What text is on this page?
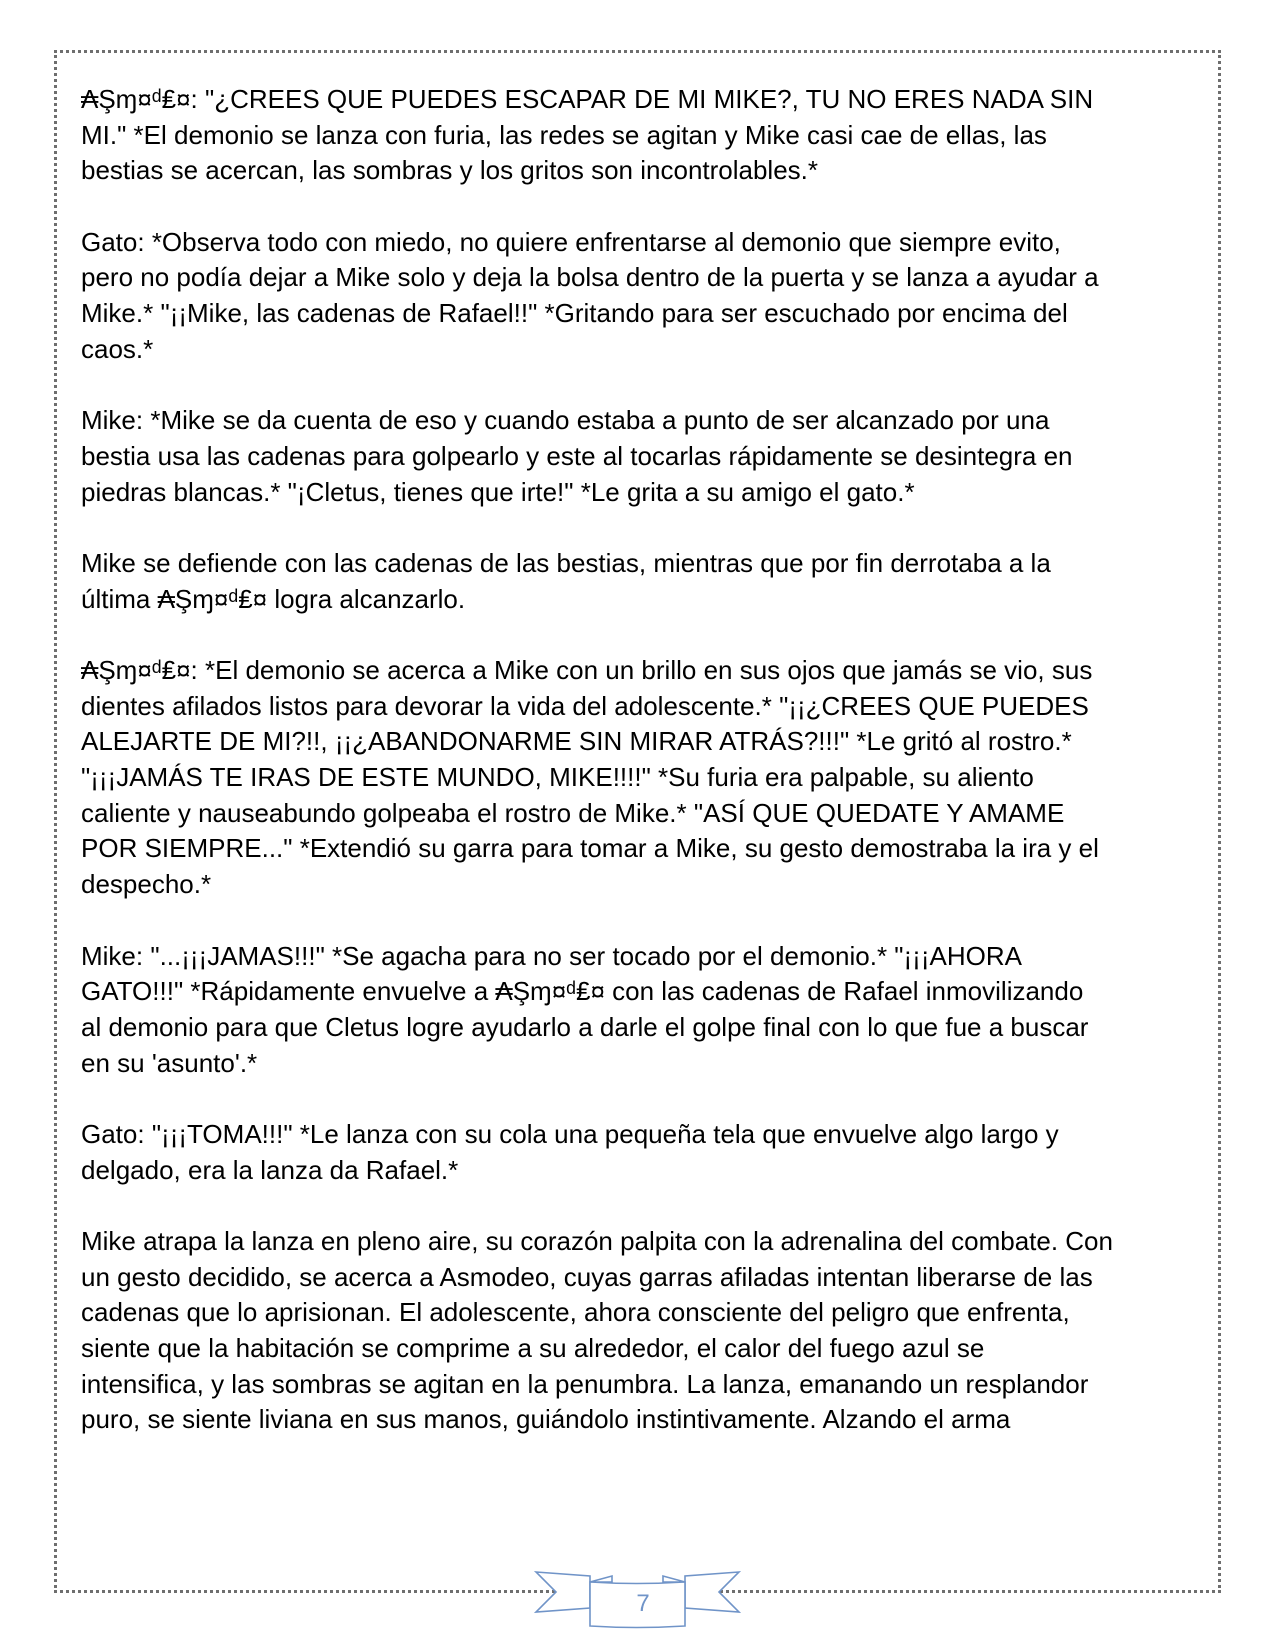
₳Şɱ¤ᵈ₤¤: "¿CREES QUE PUEDES ESCAPAR DE MI MIKE?, TU NO ERES NADA SIN
MI." *El demonio se lanza con furia, las redes se agitan y Mike casi cae de ellas, las
bestias se acercan, las sombras y los gritos son incontrolables.*
Gato: *Observa todo con miedo, no quiere enfrentarse al demonio que siempre evito,
pero no podía dejar a Mike solo y deja la bolsa dentro de la puerta y se lanza a ayudar a
Mike.* "¡¡Mike, las cadenas de Rafael!!" *Gritando para ser escuchado por encima del
caos.*
Mike: *Mike se da cuenta de eso y cuando estaba a punto de ser alcanzado por una
bestia usa las cadenas para golpearlo y este al tocarlas rápidamente se desintegra en
piedras blancas.* "¡Cletus, tienes que irte!" *Le grita a su amigo el gato.*
Mike se defiende con las cadenas de las bestias, mientras que por fin derrotaba a la
última ₳Şɱ¤ᵈ₤¤ logra alcanzarlo.
₳Şɱ¤ᵈ₤¤: *El demonio se acerca a Mike con un brillo en sus ojos que jamás se vio, sus
dientes afilados listos para devorar la vida del adolescente.* "¡¡¿CREES QUE PUEDES
ALEJARTE DE MI?!!, ¡¡¿ABANDONARME SIN MIRAR ATRÁS?!!!" *Le gritó al rostro.*
"¡¡¡JAMÁS TE IRAS DE ESTE MUNDO, MIKE!!!!" *Su furia era palpable, su aliento
caliente y nauseabundo golpeaba el rostro de Mike.* "ASÍ QUE QUEDATE Y AMAME
POR SIEMPRE..." *Extendió su garra para tomar a Mike, su gesto demostraba la ira y el
despecho.*
Mike: "...¡¡¡JAMAS!!!" *Se agacha para no ser tocado por el demonio.* "¡¡¡AHORA
GATO!!!" *Rápidamente envuelve a ₳Şɱ¤ᵈ₤¤ con las cadenas de Rafael inmovilizando
al demonio para que Cletus logre ayudarlo a darle el golpe final con lo que fue a buscar
en su 'asunto'.*
Gato: "¡¡¡TOMA!!!" *Le lanza con su cola una pequeña tela que envuelve algo largo y
delgado, era la lanza da Rafael.*
Mike atrapa la lanza en pleno aire, su corazón palpita con la adrenalina del combate. Con
un gesto decidido, se acerca a Asmodeo, cuyas garras afiladas intentan liberarse de las
cadenas que lo aprisionan. El adolescente, ahora consciente del peligro que enfrenta,
siente que la habitación se comprime a su alrededor, el calor del fuego azul se
intensifica, y las sombras se agitan en la penumbra. La lanza, emanando un resplandor
puro, se siente liviana en sus manos, guiándolo instintivamente. Alzando el arma
7
